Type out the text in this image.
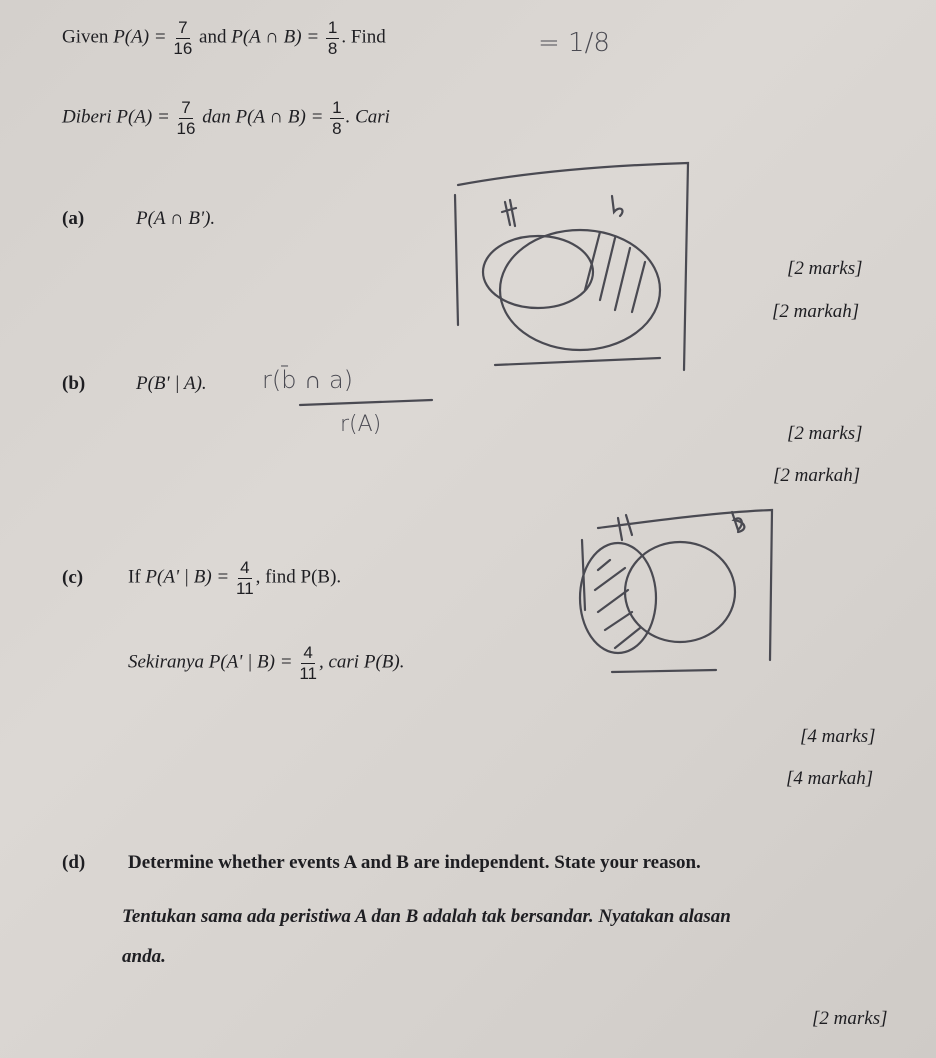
Given $P(A) = \frac{7}{16}$ and P(A ∩ $B) = \frac{1}{8}$ . Find	= 1/8
Diberi $P(A) = \frac{7}{16}$ dan P(A ∩ $B) = \frac{1}{8}$ . Cari
(a)	P(A ∩ B').
[2 marks]
[2 markah]
(b)	P(B' | A). r(b̄ ∩ a)
r(A)	[2 marks]
[2 markah]
(c) If P(A' | $B) = \frac{4}{11}$ , find P(B).
Sekiranya P(A' | $B) = \frac{4}{11}$ , cari P(B).
[4 marks]
[4 markah]
(d) Determine whether events A and B are independent. State your reason.
Tentukan sama ada peristiwa A dan B adalah tak bersandar. Nyatakan alasan
anda.
[2 marks]
